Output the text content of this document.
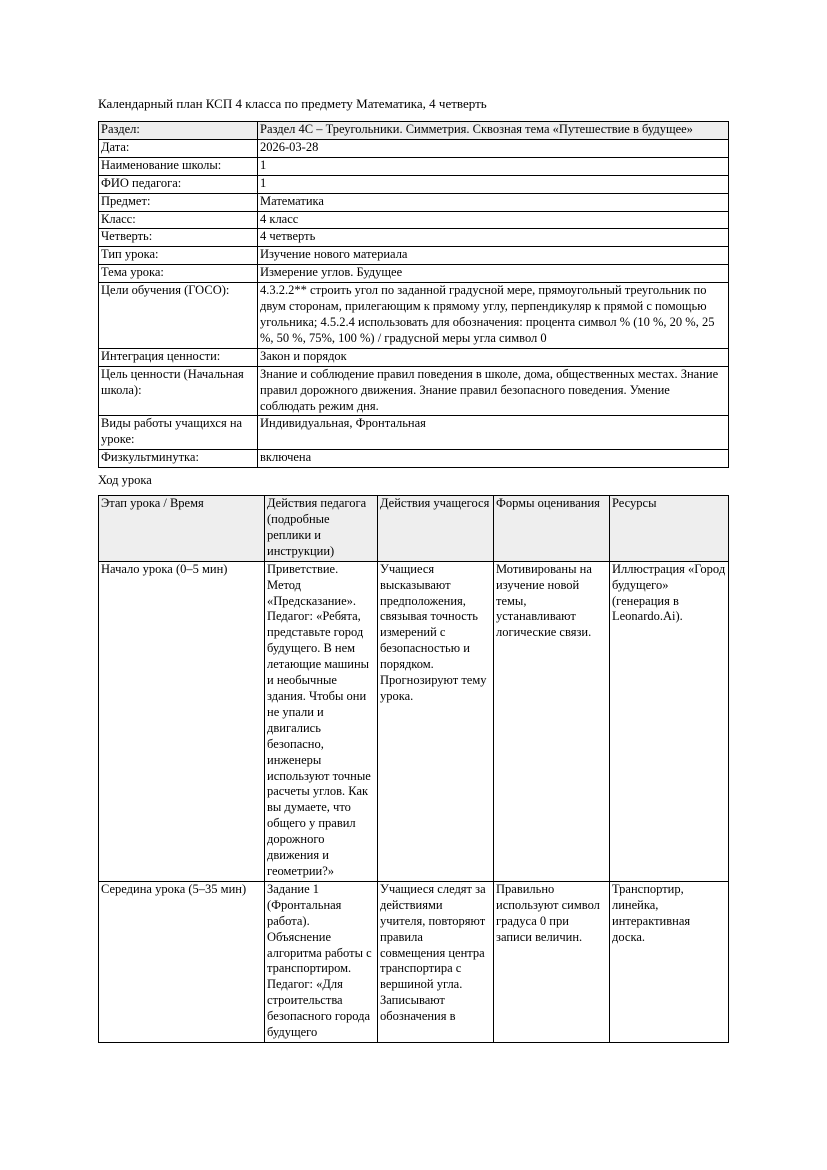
Календарный план КСП 4 класса по предмету Математика, 4 четверть

Раздел:	Раздел 4C – Треугольники. Симметрия. Сквозная тема «Путешествие в будущее»
Дата:	2026-03-28
Наименование школы:	1
ФИО педагога:	1
Предмет:	Математика
Класс:	4 класс
Четверть:	4 четверть
Тип урока:	Изучение нового материала
Тема урока:	Измерение углов. Будущее
Цели обучения (ГОСО):	4.3.2.2** строить угол по заданной градусной мере, прямоугольный треугольник по двум сторонам, прилегающим к прямому углу, перпендикуляр к прямой с помощью угольника; 4.5.2.4 использовать для обозначения: процента символ % (10 %, 20 %, 25 %, 50 %, 75%, 100 %) / градусной меры угла символ 0
Интеграция ценности:	Закон и порядок
Цель ценности (Начальная школа):	Знание и соблюдение правил поведения в школе, дома, общественных местах. Знание правил дорожного движения. Знание правил безопасного поведения. Умение соблюдать режим дня.
Виды работы учащихся на уроке:	Индивидуальная, Фронтальная
Физкультминутка:	включена

Ход урока

Этап урока / Время	Действия педагога (подробные реплики и инструкции)	Действия учащегося	Формы оценивания	Ресурсы
Начало урока (0–5 мин)	Приветствие. Метод «Предсказание». Педагог: «Ребята, представьте город будущего. В нем летающие машины и необычные здания. Чтобы они не упали и двигались безопасно, инженеры используют точные расчеты углов. Как вы думаете, что общего у правил дорожного движения и геометрии?»	Учащиеся высказывают предположения, связывая точность измерений с безопасностью и порядком. Прогнозируют тему урока.	Мотивированы на изучение новой темы, устанавливают логические связи.	Иллюстрация «Город будущего» (генерация в Leonardo.Ai).

Середина урока (5–35 мин)	Задание 1 (Фронтальная работа). Объяснение алгоритма работы с транспортиром. Педагог: «Для строительства безопасного города будущего	Учащиеся следят за действиями учителя, повторяют правила совмещения центра транспортира с вершиной угла. Записывают обозначения в	Правильно используют символ градуса 0 при записи величин.	Транспортир, линейка, интерактивная доска.
